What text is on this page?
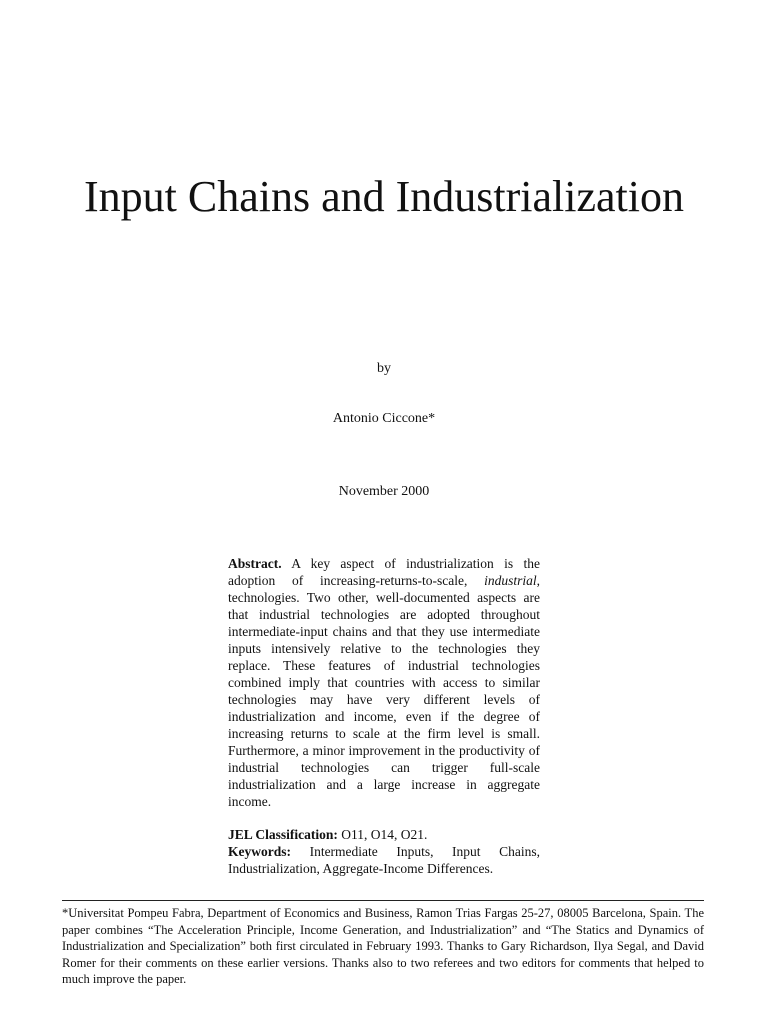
Input Chains and Industrialization

by

Antonio Ciccone*

November 2000

Abstract. A key aspect of industrialization is the adoption of increasing-returns-to-scale, industrial, technologies. Two other, well-documented aspects are that industrial technologies are adopted throughout intermediate-input chains and that they use intermediate inputs intensively relative to the technologies they replace. These features of industrial technologies combined imply that countries with access to similar technologies may have very different levels of industrialization and income, even if the degree of increasing returns to scale at the firm level is small. Furthermore, a minor improvement in the productivity of industrial technologies can trigger full-scale industrialization and a large increase in aggregate income.

JEL Classification: O11, O14, O21.

Keywords: Intermediate Inputs, Input Chains, Industrialization, Aggregate-Income Differences.

*Universitat Pompeu Fabra, Department of Economics and Business, Ramon Trias Fargas 25-27, 08005 Barcelona, Spain. The paper combines “The Acceleration Principle, Income Generation, and Industrialization” and “The Statics and Dynamics of Industrialization and Specialization” both first circulated in February 1993. Thanks to Gary Richardson, Ilya Segal, and David Romer for their comments on these earlier versions. Thanks also to two referees and two editors for comments that helped to much improve the paper.
